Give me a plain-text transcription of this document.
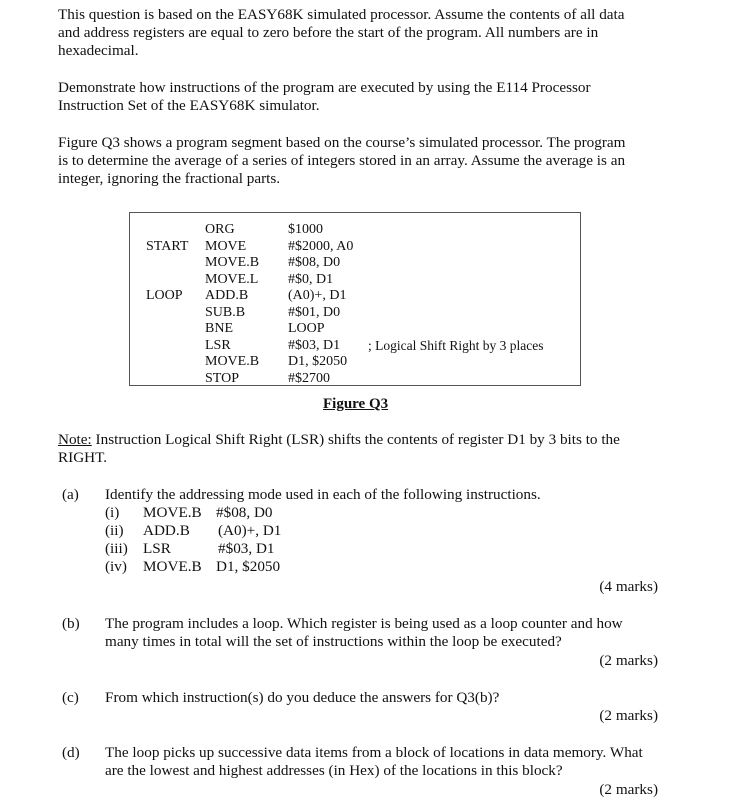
This question is based on the EASY68K simulated processor. Assume the contents of all data
and address registers are equal to zero before the start of the program. All numbers are in
hexadecimal.
Demonstrate how instructions of the program are executed by using the E114 Processor
Instruction Set of the EASY68K simulator.
Figure Q3 shows a program segment based on the course’s simulated processor. The program
is to determine the average of a series of integers stored in an array. Assume the average is an
integer, ignoring the fractional parts.
ORG	$1000
START MOVE	#$2000, A0
MOVE.B #$08, D0
MOVE.L #$0, D1
LOOP ADD.B	(A0)+, D1
SUB.B	#$01, D0
BNE	LOOP
LSR	#$03, D1 ; Logical Shift Right by 3 places
MOVE.B D1, $2050
STOP	#$2700
Figure Q3
Note: Instruction Logical Shift Right (LSR) shifts the contents of register D1 by 3 bits to the
RIGHT.
(a) Identify the addressing mode used in each of the following instructions.
(i) MOVE.B #$08, D0
(ii) ADD.B (A0)+, D1
(iii) LSR	#$03, D1
(iv) MOVE.B D1, $2050
(4 marks)
(b) The program includes a loop. Which register is being used as a loop counter and how
many times in total will the set of instructions within the loop be executed?
(2 marks)
(c) From which instruction(s) do you deduce the answers for Q3(b)?
(2 marks)
(d) The loop picks up successive data items from a block of locations in data memory. What
are the lowest and highest addresses (in Hex) of the locations in this block?
(2 marks)
